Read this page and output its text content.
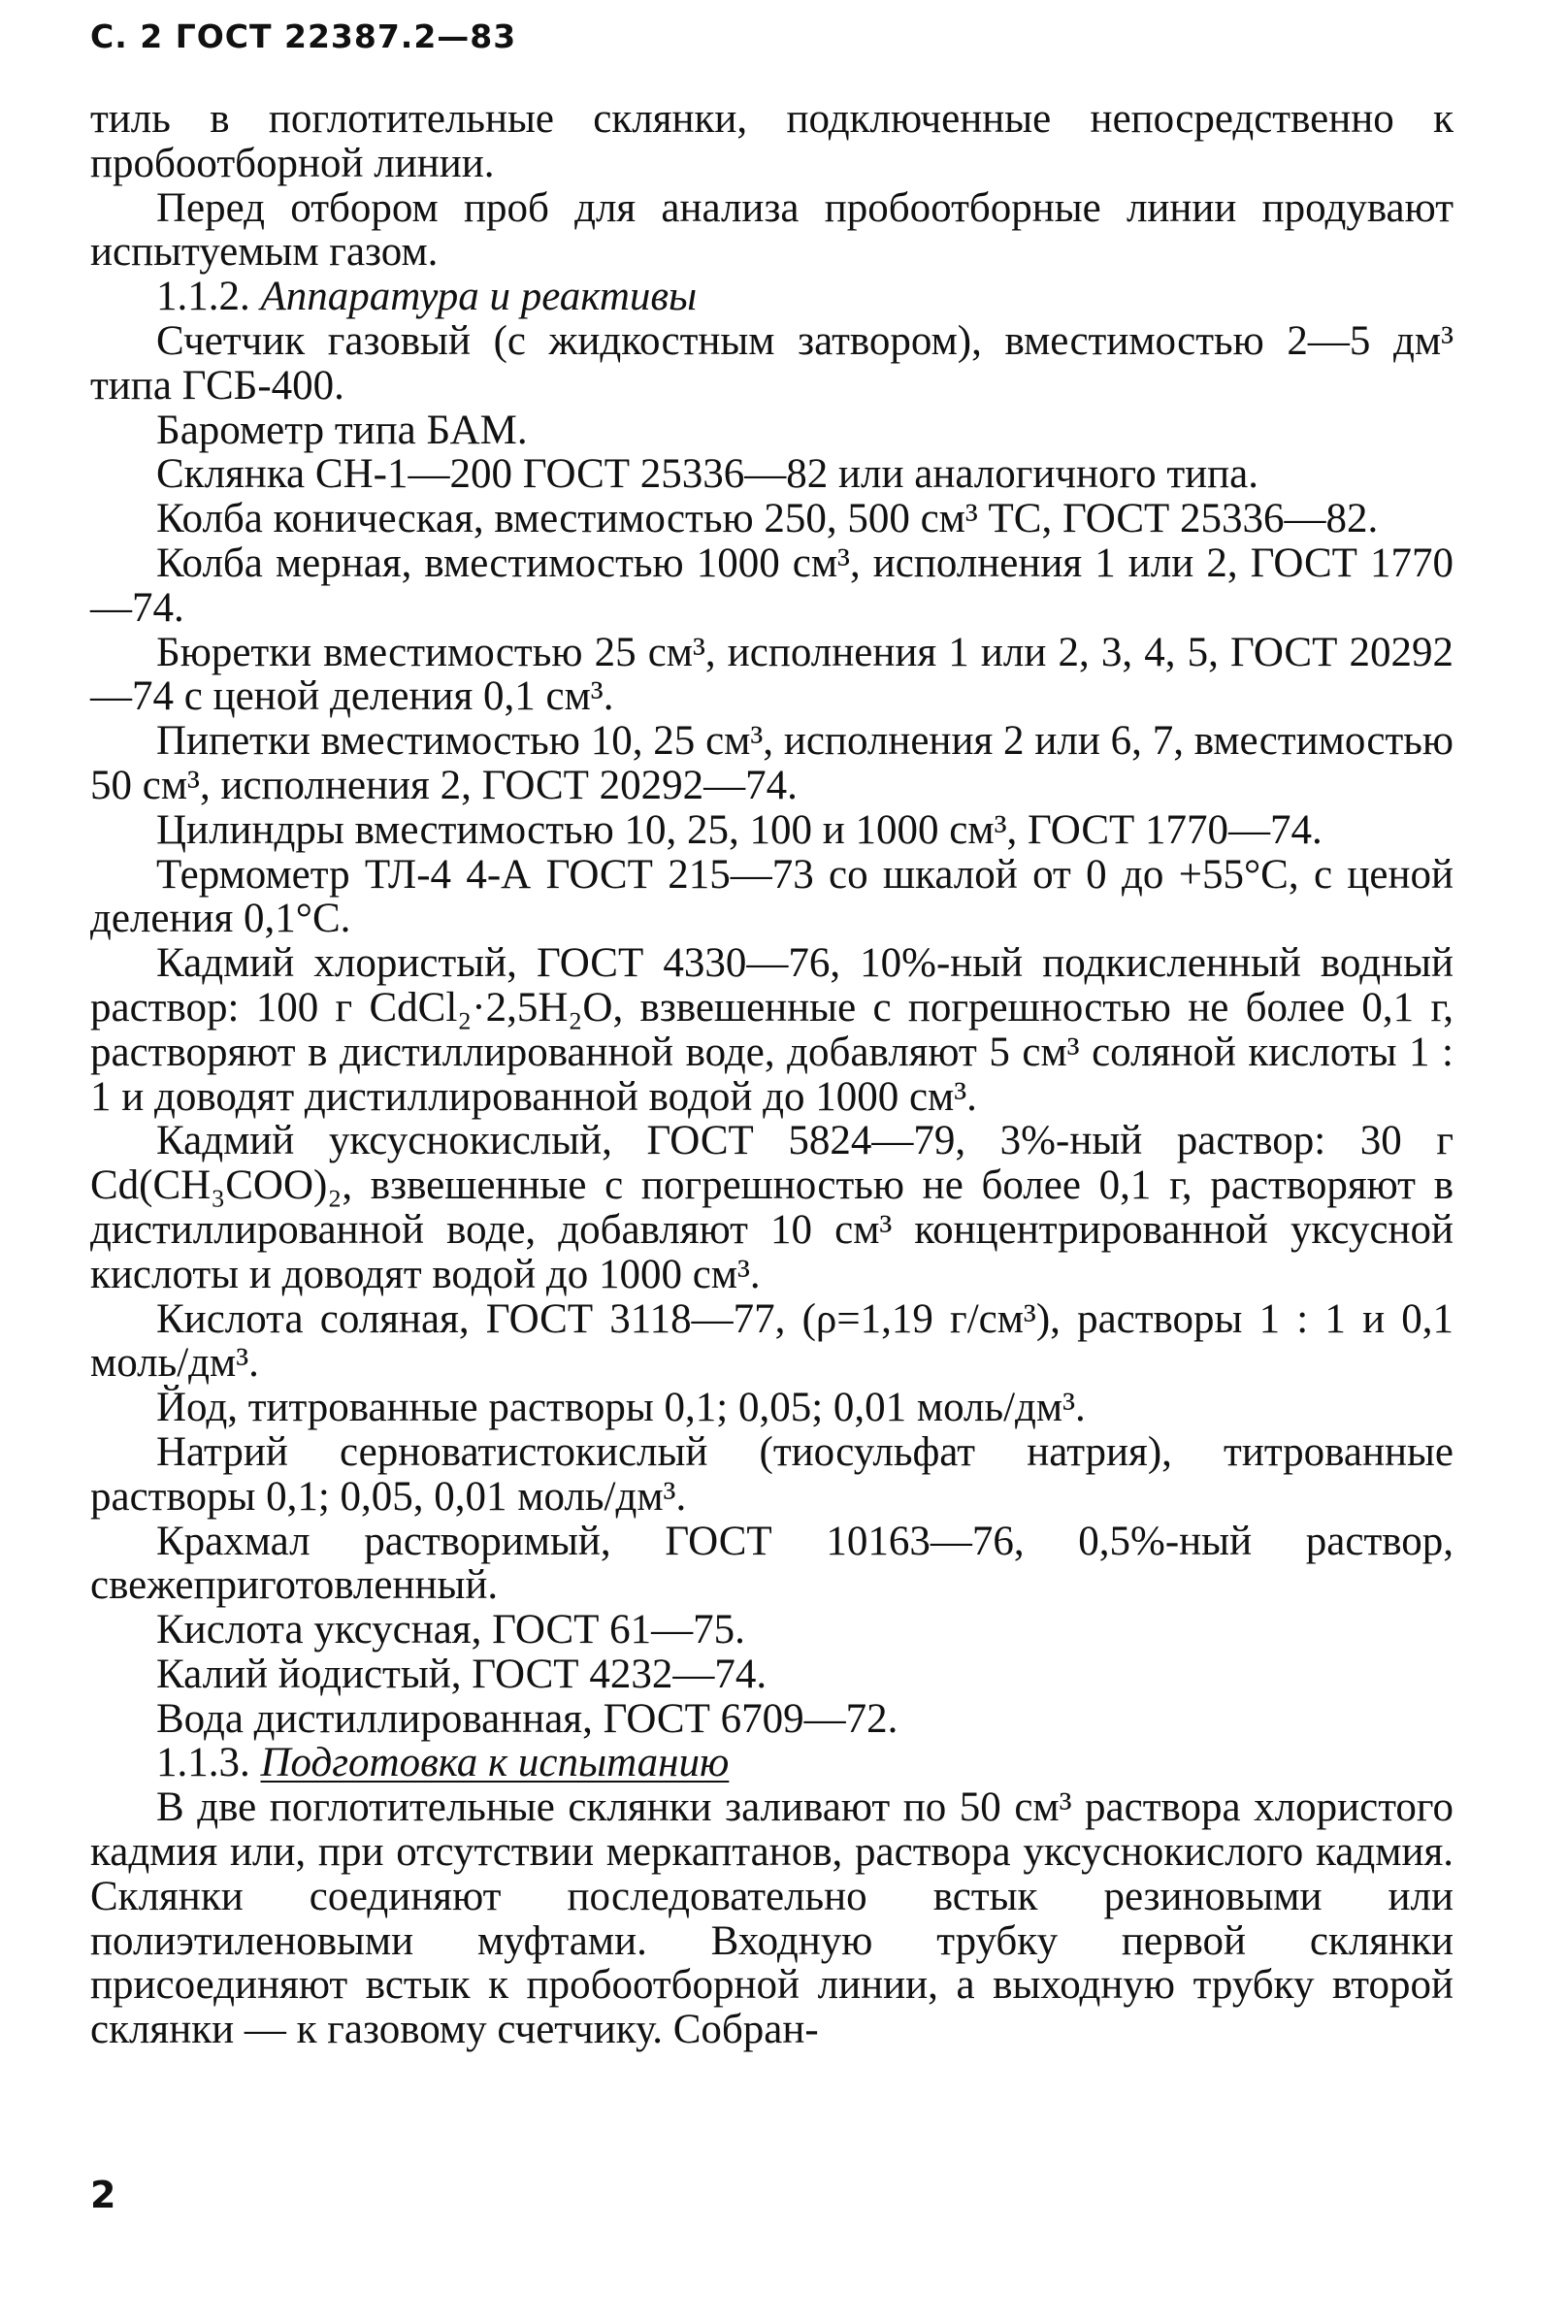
С. 2 ГОСТ 22387.2—83

тиль в поглотительные склянки, подключенные непосредственно к пробоотборной линии.

Перед отбором проб для анализа пробоотборные линии продувают испытуемым газом.

1.1.2. Аппаратура и реактивы

Счетчик газовый (с жидкостным затвором), вместимостью 2—5 дм³ типа ГСБ-400.

Барометр типа БАМ.

Склянка СН-1—200 ГОСТ 25336—82 или аналогичного типа.

Колба коническая, вместимостью 250, 500 см³ ТС, ГОСТ 25336—82.

Колба мерная, вместимостью 1000 см³, исполнения 1 или 2, ГОСТ 1770—74.

Бюретки вместимостью 25 см³, исполнения 1 или 2, 3, 4, 5, ГОСТ 20292—74 с ценой деления 0,1 см³.

Пипетки вместимостью 10, 25 см³, исполнения 2 или 6, 7, вместимостью 50 см³, исполнения 2, ГОСТ 20292—74.

Цилиндры вместимостью 10, 25, 100 и 1000 см³, ГОСТ 1770—74.

Термометр ТЛ-4 4-А ГОСТ 215—73 со шкалой от 0 до +55°С, с ценой деления 0,1°С.

Кадмий хлористый, ГОСТ 4330—76, 10%-ный подкисленный водный раствор: 100 г CdCl₂·2,5H₂O, взвешенные с погрешностью не более 0,1 г, растворяют в дистиллированной воде, добавляют 5 см³ соляной кислоты 1 : 1 и доводят дистиллированной водой до 1000 см³.

Кадмий уксуснокислый, ГОСТ 5824—79, 3%-ный раствор: 30 г Cd(CH₃COO)₂, взвешенные с погрешностью не более 0,1 г, растворяют в дистиллированной воде, добавляют 10 см³ концентрированной уксусной кислоты и доводят водой до 1000 см³.

Кислота соляная, ГОСТ 3118—77, (ρ=1,19 г/см³), растворы 1 : 1 и 0,1 моль/дм³.

Йод, титрованные растворы 0,1; 0,05; 0,01 моль/дм³.

Натрий серноватистокислый (тиосульфат натрия), титрованные растворы 0,1; 0,05, 0,01 моль/дм³.

Крахмал растворимый, ГОСТ 10163—76, 0,5%-ный раствор, свежеприготовленный.

Кислота уксусная, ГОСТ 61—75.

Калий йодистый, ГОСТ 4232—74.

Вода дистиллированная, ГОСТ 6709—72.

1.1.3. Подготовка к испытанию

В две поглотительные склянки заливают по 50 см³ раствора хлористого кадмия или, при отсутствии меркаптанов, раствора уксуснокислого кадмия. Склянки соединяют последовательно встык резиновыми или полиэтиленовыми муфтами. Входную трубку первой склянки присоединяют встык к пробоотборной линии, а выходную трубку второй склянки — к газовому счетчику. Собран-

2
